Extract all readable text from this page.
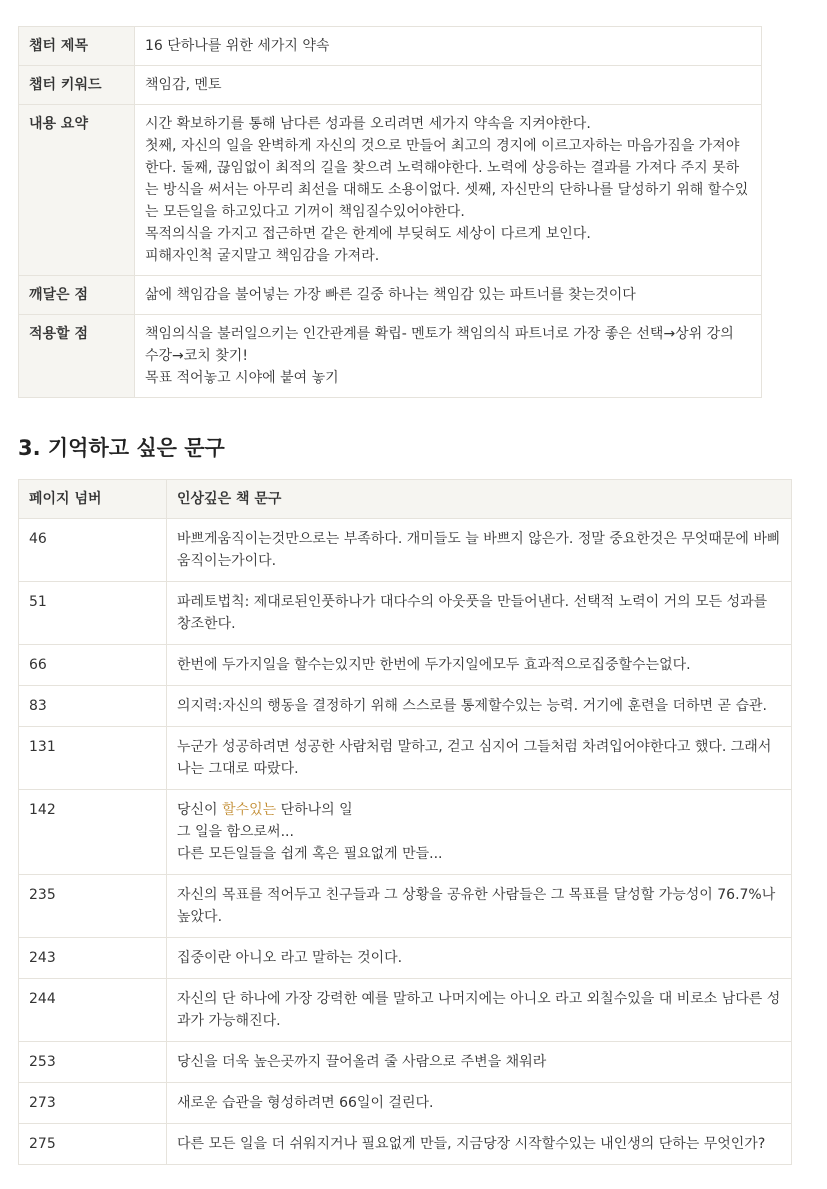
챕터 제목	16 단하나를 위한 세가지 약속
챕터 키워드	책임감, 멘토
내용 요약	시간 확보하기를 통해 남다른 성과를 오리려면 세가지 약속을 지켜야한다.
첫째, 자신의 일을 완벽하게 자신의 것으로 만들어 최고의 경지에 이르고자하는 마음가짐을 가져야 한다. 둘째, 끊임없이 최적의 길을 찾으려 노력해야한다. 노력에 상응하는 결과를 가져다 주지 못하는 방식을 써서는 아무리 최선을 대해도 소용이없다. 셋째, 자신만의 단하나를 달성하기 위해 할수있는 모든일을 하고있다고 기꺼이 책임질수있어야한다.
목적의식을 가지고 접근하면 같은 한계에 부딪혀도 세상이 다르게 보인다.
피해자인척 굴지말고 책임감을 가져라.
깨달은 점	삶에 책임감을 불어넣는 가장 빠른 길중 하나는 책임감 있는 파트너를 찾는것이다
적용할 점	책임의식을 불러일으키는 인간관계를 확립- 멘토가 책임의식 파트너로 가장 좋은 선택→상위 강의 수강→코치 찾기!
목표 적어놓고 시야에 붙여 놓기
3. 기억하고 싶은 문구
페이지 넘버	인상깊은 책 문구
46	바쁘게움직이는것만으로는 부족하다. 개미들도 늘 바쁘지 않은가. 정말 중요한것은 무엇때문에 바삐움직이는가이다.
51	파레토법칙: 제대로된인풋하나가 대다수의 아웃풋을 만들어낸다. 선택적 노력이 거의 모든 성과를 창조한다.
66	한번에 두가지일을 할수는있지만 한번에 두가지일에모두 효과적으로집중할수는없다.
83	의지력:자신의 행동을 결정하기 위해 스스로를 통제할수있는 능력. 거기에 훈련을 더하면 곧 습관.
131	누군가 성공하려면 성공한 사람처럼 말하고, 걷고 심지어 그들처럼 차려입어야한다고 했다. 그래서 나는 그대로 따랐다.
142	당신이 할수있는 단하나의 일
그 일을 함으로써...
다른 모든일들을 쉽게 혹은 필요없게 만들...
235	자신의 목표를 적어두고 친구들과 그 상황을 공유한 사람들은 그 목표를 달성할 가능성이 76.7%나 높았다.
243	집중이란 아니오 라고 말하는 것이다.
244	자신의 단 하나에 가장 강력한 예를 말하고 나머지에는 아니오 라고 외칠수있을 대 비로소 남다른 성과가 가능해진다.
253	당신을 더욱 높은곳까지 끌어올려 줄 사람으로 주변을 채워라
273	새로운 습관을 형성하려면 66일이 걸린다.
275	다른 모든 일을 더 쉬워지거나 필요없게 만들, 지금당장 시작할수있는 내인생의 단하는 무엇인가?
